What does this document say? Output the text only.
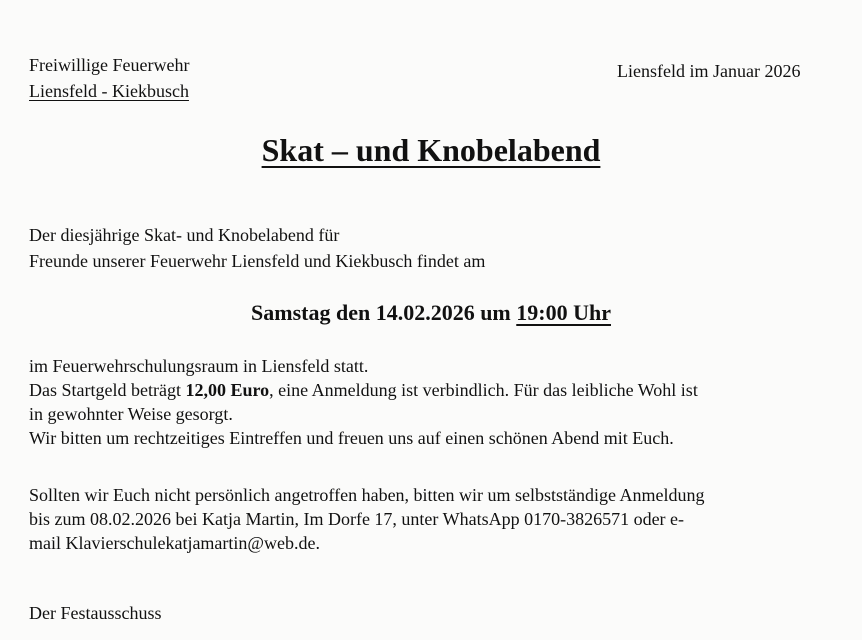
Freiwillige Feuerwehr
Liensfeld - Kiekbusch
Liensfeld im Januar 2026
Skat – und Knobelabend
Der diesjährige Skat- und Knobelabend für
Freunde unserer Feuerwehr Liensfeld und Kiekbusch findet am
Samstag den 14.02.2026 um 19:00 Uhr
im Feuerwehrschulungsraum in Liensfeld statt.
Das Startgeld beträgt 12,00 Euro, eine Anmeldung ist verbindlich. Für das leibliche Wohl ist
in gewohnter Weise gesorgt.
Wir bitten um rechtzeitiges Eintreffen und freuen uns auf einen schönen Abend mit Euch.
Sollten wir Euch nicht persönlich angetroffen haben, bitten wir um selbstständige Anmeldung
bis zum 08.02.2026 bei Katja Martin, Im Dorfe 17, unter WhatsApp 0170-3826571 oder e-
mail Klavierschulekatjamartin@web.de.
Der Festausschuss
